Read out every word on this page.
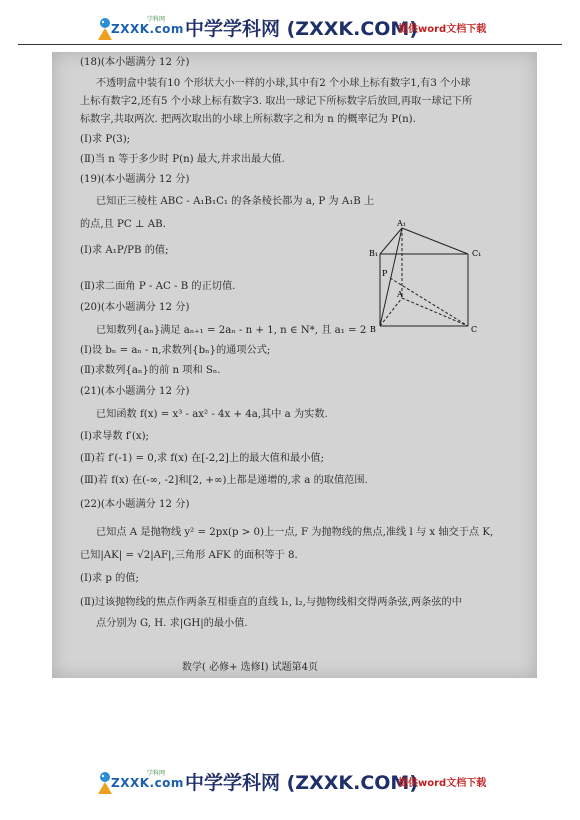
ZXXK.com
学科网 中学学科网 (ZXXK.COM)
提供word文档下载
(18)(本小题满分 12 分)
不透明盒中装有10 个形状大小一样的小球,其中有2 个小球上标有数字1,有3 个小球
上标有数字2,还有5 个小球上标有数字3. 取出一球记下所标数字后放回,再取一球记下所
标数字,共取两次. 把两次取出的小球上所标数字之和为 n 的概率记为 P(n).
(Ⅰ)求 P(3);
(Ⅱ)当 n 等于多少时 P(n) 最大,并求出最大值.
(19)(本小题满分 12 分)
已知正三棱柱 ABC - A₁B₁C₁ 的各条棱长都为 a, P 为 A₁B 上
的点,且 PC ⊥ AB.
(Ⅰ)求 A₁P/PB 的值;
(Ⅱ)求二面角 P - AC - B 的正切值.
(20)(本小题满分 12 分)
已知数列{aₙ}满足 aₙ₊₁ = 2aₙ - n + 1, n ∈ N*, 且 a₁ = 2
(Ⅰ)设 bₙ = aₙ - n,求数列{bₙ}的通项公式;
(Ⅱ)求数列{aₙ}的前 n 项和 Sₙ.
(21)(本小题满分 12 分)
已知函数 f(x) = x³ - ax² - 4x + 4a,其中 a 为实数.
(Ⅰ)求导数 f′(x);
(Ⅱ)若 f′(-1) = 0,求 f(x) 在[-2,2]上的最大值和最小值;
(Ⅲ)若 f(x) 在(-∞, -2]和[2, +∞)上都是递增的,求 a 的取值范围.
(22)(本小题满分 12 分)
已知点 A 是抛物线 y² = 2px(p > 0)上一点, F 为抛物线的焦点,准线 l 与 x 轴交于点 K,
已知|AK| = √2|AF|,三角形 AFK 的面积等于 8.
(Ⅰ)求 p 的值;
(Ⅱ)过该抛物线的焦点作两条互相垂直的直线 l₁, l₂,与抛物线相交得两条弦,两条弦的中
点分别为 G, H. 求|GH|的最小值.
A₁
B₁	C₁
P
A
B	C
数学( 必修+ 选修Ⅰ) 试题第4页
ZXXK.com
学科网 中学学科网 (ZXXK.COM)
提供word文档下载
